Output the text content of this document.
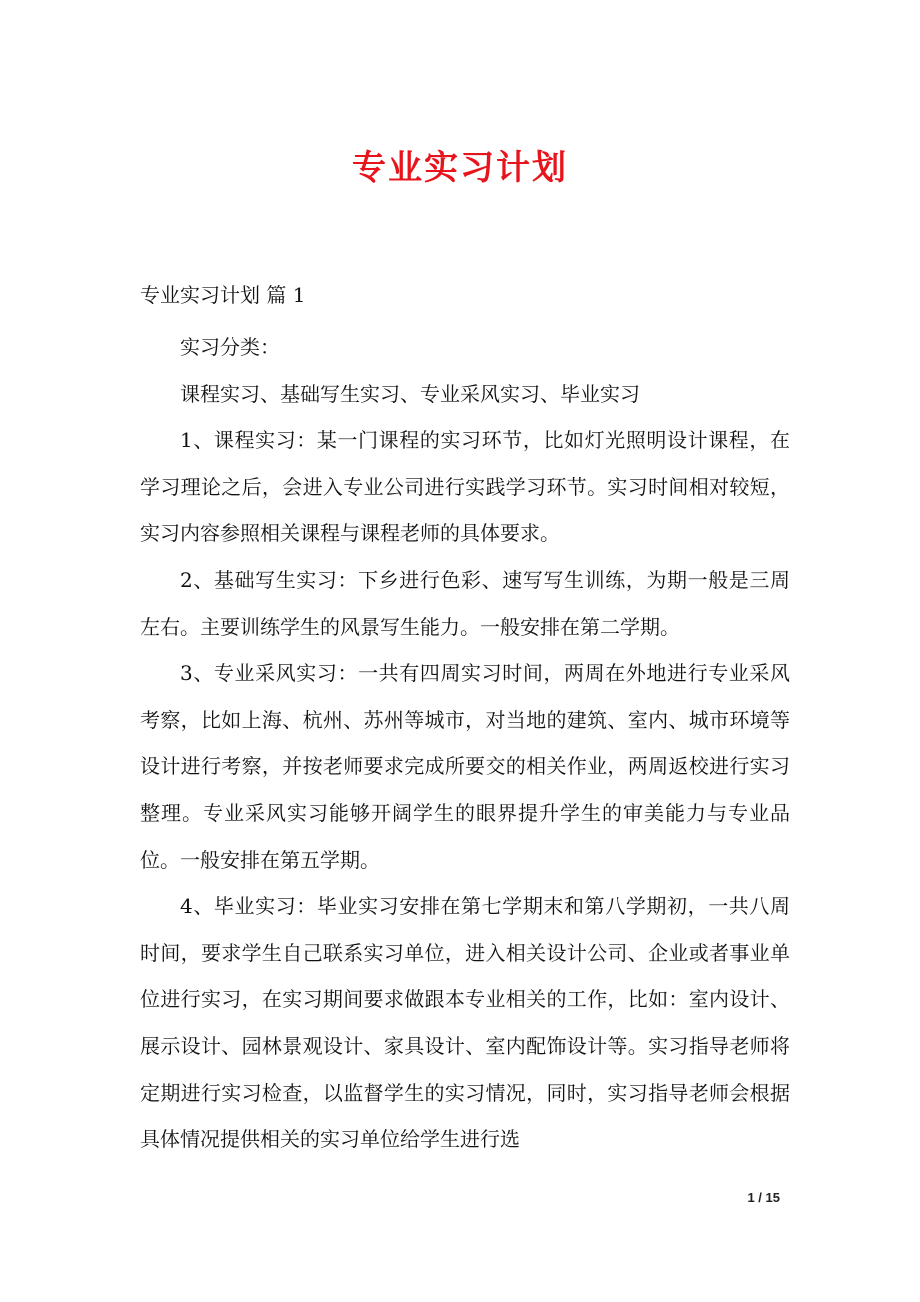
专业实习计划
专业实习计划 篇 1

实习分类：

课程实习、基础写生实习、专业采风实习、毕业实习

1、课程实习：某一门课程的实习环节，比如灯光照明设计课程，在学习理论之后，会进入专业公司进行实践学习环节。实习时间相对较短，实习内容参照相关课程与课程老师的具体要求。

2、基础写生实习：下乡进行色彩、速写写生训练，为期一般是三周左右。主要训练学生的风景写生能力。一般安排在第二学期。

3、专业采风实习：一共有四周实习时间，两周在外地进行专业采风考察，比如上海、杭州、苏州等城市，对当地的建筑、室内、城市环境等设计进行考察，并按老师要求完成所要交的相关作业，两周返校进行实习整理。专业采风实习能够开阔学生的眼界提升学生的审美能力与专业品位。一般安排在第五学期。

4、毕业实习：毕业实习安排在第七学期末和第八学期初，一共八周时间，要求学生自己联系实习单位，进入相关设计公司、企业或者事业单位进行实习，在实习期间要求做跟本专业相关的工作，比如：室内设计、展示设计、园林景观设计、家具设计、室内配饰设计等。实习指导老师将定期进行实习检查，以监督学生的实习情况，同时，实习指导老师会根据具体情况提供相关的实习单位给学生进行选

1 / 15
